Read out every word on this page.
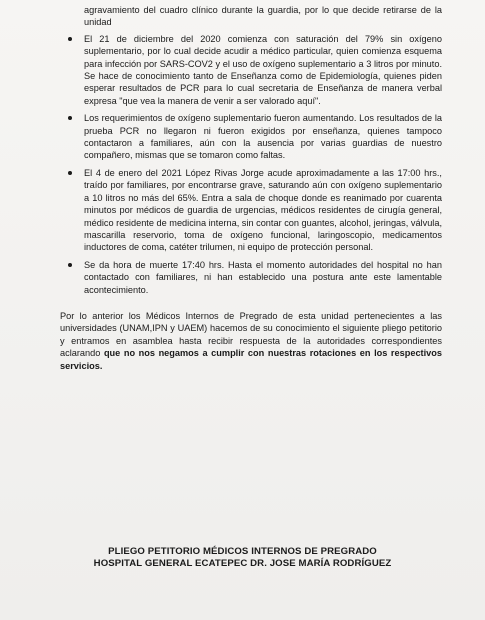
agravamiento del cuadro clínico durante la guardia, por lo que decide retirarse de la unidad
El 21 de diciembre del 2020 comienza con saturación del 79% sin oxígeno suplementario, por lo cual decide acudir a médico particular, quien comienza esquema para infección por SARS-COV2 y el uso de oxígeno suplementario a 3 litros por minuto. Se hace de conocimiento tanto de Enseñanza como de Epidemiología, quienes piden esperar resultados de PCR para lo cual secretaria de Enseñanza de manera verbal expresa "que vea la manera de venir a ser valorado aquí".
Los requerimientos de oxígeno suplementario fueron aumentando. Los resultados de la prueba PCR no llegaron ni fueron exigidos por enseñanza, quienes tampoco contactaron a familiares, aún con la ausencia por varias guardias de nuestro compañero, mismas que se tomaron como faltas.
El 4 de enero del 2021 López Rivas Jorge acude aproximadamente a las 17:00 hrs., traído por familiares, por encontrarse grave, saturando aún con oxígeno suplementario a 10 litros no más del 65%. Entra a sala de choque donde es reanimado por cuarenta minutos por médicos de guardia de urgencias, médicos residentes de cirugía general, médico residente de medicina interna, sin contar con guantes, alcohol, jeringas, válvula, mascarilla reservorio, toma de oxígeno funcional, laringoscopio, medicamentos inductores de coma, catéter trilumen, ni equipo de protección personal.
Se da hora de muerte 17:40 hrs. Hasta el momento autoridades del hospital no han contactado con familiares, ni han establecido una postura ante este lamentable acontecimiento.
Por lo anterior los Médicos Internos de Pregrado de esta unidad pertenecientes a las universidades (UNAM,IPN y UAEM) hacemos de su conocimiento el siguiente pliego petitorio y entramos en asamblea hasta recibir respuesta de la autoridades correspondientes aclarando que no nos negamos a cumplir con nuestras rotaciones en los respectivos servicios.
PLIEGO PETITORIO MÉDICOS INTERNOS DE PREGRADO
HOSPITAL GENERAL ECATEPEC DR. JOSE MARÍA RODRÍGUEZ
